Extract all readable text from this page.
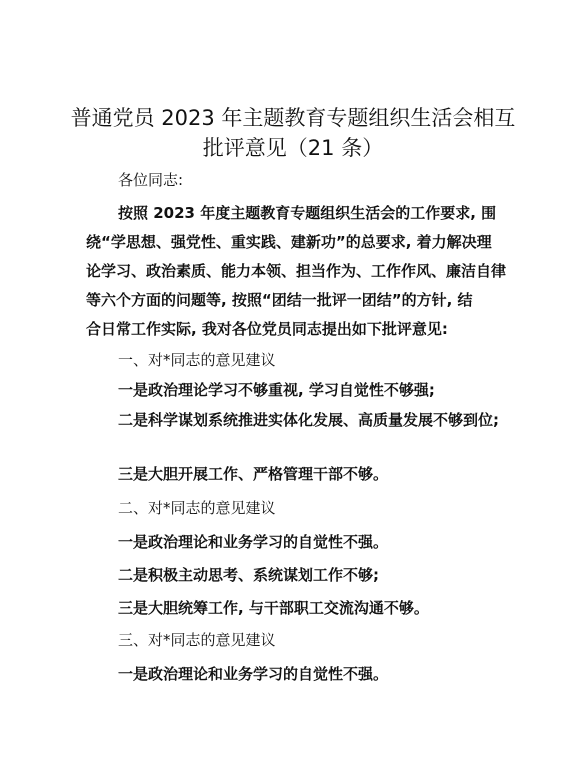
普通党员 2023 年主题教育专题组织生活会相互
批评意见（21 条）

各位同志:

按照 2023 年度主题教育专题组织生活会的工作要求, 围

绕“学思想、强党性、重实践、建新功”的总要求, 着力解决理

论学习、政治素质、能力本领、担当作为、工作作风、廉洁自律

等六个方面的问题等, 按照“团结一批评一团结”的方针, 结

合日常工作实际, 我对各位党员同志提出如下批评意见:

一、对*同志的意见建议

一是政治理论学习不够重视, 学习自觉性不够强;

二是科学谋划系统推进实体化发展、高质量发展不够到位;

三是大胆开展工作、严格管理干部不够。

二、对*同志的意见建议

一是政治理论和业务学习的自觉性不强。

二是积极主动思考、系统谋划工作不够;

三是大胆统筹工作, 与干部职工交流沟通不够。

三、对*同志的意见建议

一是政治理论和业务学习的自觉性不强。
